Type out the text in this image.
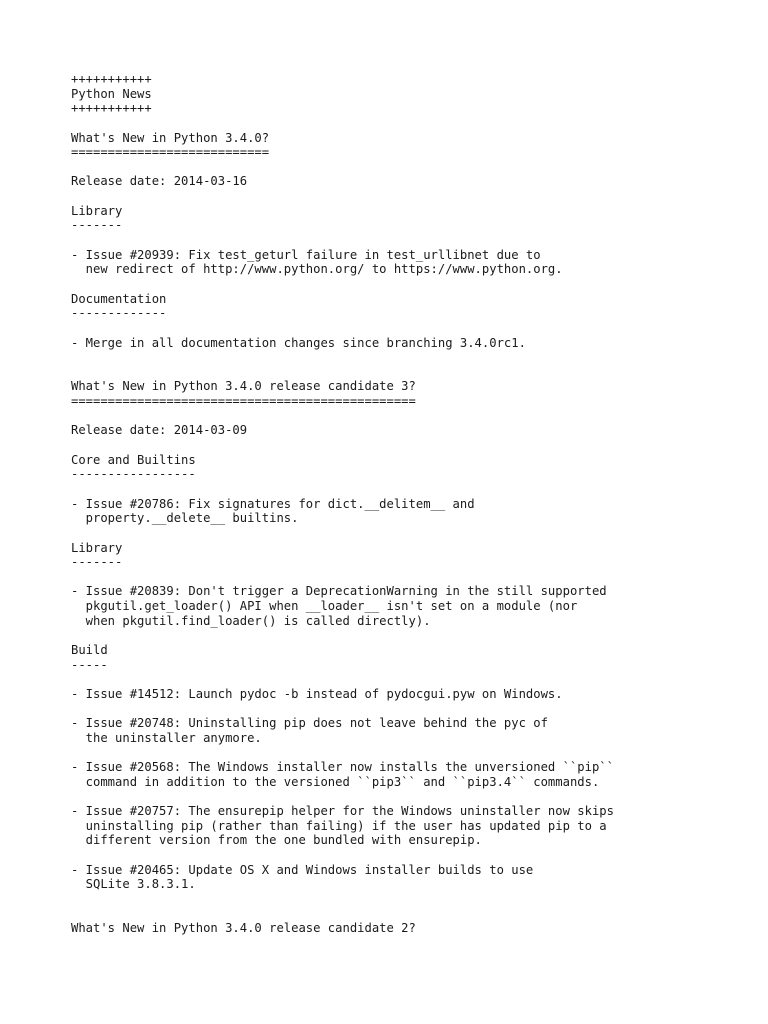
+++++++++++
Python News
+++++++++++
What's New in Python 3.4.0?
===========================
Release date: 2014-03-16
Library
-------
- Issue #20939: Fix test_geturl failure in test_urllibnet due to
new redirect of http://www.python.org/ to https://www.python.org.
Documentation
-------------
- Merge in all documentation changes since branching 3.4.0rc1.
What's New in Python 3.4.0 release candidate 3?
===============================================
Release date: 2014-03-09
Core and Builtins
-----------------
- Issue #20786: Fix signatures for dict.__delitem__ and
property.__delete__ builtins.
Library
-------
- Issue #20839: Don't trigger a DeprecationWarning in the still supported
pkgutil.get_loader() API when __loader__ isn't set on a module (nor
when pkgutil.find_loader() is called directly).
Build
-----
- Issue #14512: Launch pydoc -b instead of pydocgui.pyw on Windows.
- Issue #20748: Uninstalling pip does not leave behind the pyc of
the uninstaller anymore.
- Issue #20568: The Windows installer now installs the unversioned ``pip``
command in addition to the versioned ``pip3`` and ``pip3.4`` commands.
- Issue #20757: The ensurepip helper for the Windows uninstaller now skips
uninstalling pip (rather than failing) if the user has updated pip to a
different version from the one bundled with ensurepip.
- Issue #20465: Update OS X and Windows installer builds to use
SQLite 3.8.3.1.
What's New in Python 3.4.0 release candidate 2?
